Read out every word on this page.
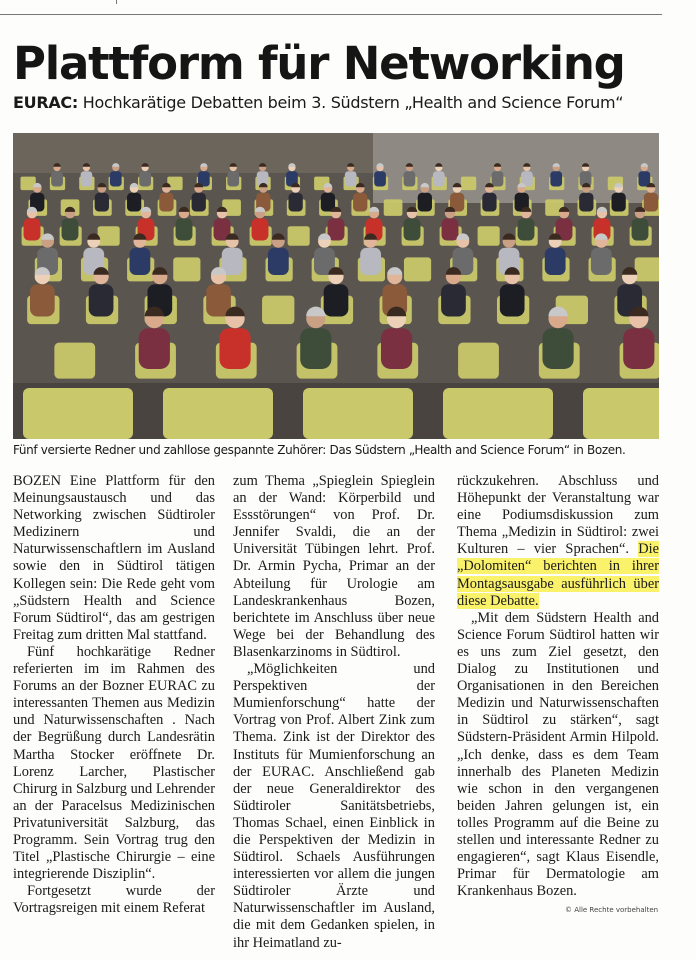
Plattform für Networking
EURAC: Hochkarätige Debatten beim 3. Südstern „Health and Science Forum“
Fünf versierte Redner und zahllose gespannte Zuhörer: Das Südstern „Health and Science Forum“ in Bozen.

BOZEN Eine Plattform für den Meinungsaustausch und das Networking zwischen Südtiroler Medizinern und Naturwissenschaftlern im Ausland sowie den in Südtirol tätigen Kollegen sein: Die Rede geht vom „Südstern Health and Science Forum Südtirol“, das am gestrigen Freitag zum dritten Mal stattfand.

Fünf hochkarätige Redner referierten im im Rahmen des Forums an der Bozner EURAC zu interessanten Themen aus Medizin und Naturwissenschaften . Nach der Begrüßung durch Landesrätin Martha Stocker eröffnete Dr. Lorenz Larcher, Plastischer Chirurg in Salzburg und Lehrender an der Paracelsus Medizinischen Privatuniversität Salzburg, das Programm. Sein Vortrag trug den Titel „Plastische Chirurgie – eine integrierende Disziplin“.

Fortgesetzt wurde der Vortragsreigen mit einem Referat

zum Thema „Spieglein Spieglein an der Wand: Körperbild und Essstörungen“ von Prof. Dr. Jennifer Svaldi, die an der Universität Tübingen lehrt. Prof. Dr. Armin Pycha, Primar an der Abteilung für Urologie am Landeskrankenhaus Bozen, berichtete im Anschluss über neue Wege bei der Behandlung des Blasenkarzinoms in Südtirol.

„Möglichkeiten und Perspektiven der Mumienforschung“ hatte der Vortrag von Prof. Albert Zink zum Thema. Zink ist der Direktor des Instituts für Mumienforschung an der EURAC. Anschließend gab der neue Generaldirektor des Südtiroler Sanitätsbetriebs, Thomas Schael, einen Einblick in die Perspektiven der Medizin in Südtirol. Schaels Ausführungen interessierten vor allem die jungen Südtiroler Ärzte und Naturwissenschaftler im Ausland, die mit dem Gedanken spielen, in ihr Heimatland zu-

rückzukehren. Abschluss und Höhepunkt der Veranstaltung war eine Podiumsdiskussion zum Thema „Medizin in Südtirol: zwei Kulturen – vier Sprachen“. Die „Dolomiten“ berichten in ihrer Montagsausgabe ausführlich über diese Debatte.

„Mit dem Südstern Health and Science Forum Südtirol hatten wir es uns zum Ziel gesetzt, den Dialog zu Institutionen und Organisationen in den Bereichen Medizin und Naturwissenschaften in Südtirol zu stärken“, sagt Südstern-Präsident Armin Hilpold. „Ich denke, dass es dem Team innerhalb des Planeten Medizin wie schon in den vergangenen beiden Jahren gelungen ist, ein tolles Programm auf die Beine zu stellen und interessante Redner zu engagieren“, sagt Klaus Eisendle, Primar für Dermatologie am Krankenhaus Bozen.

© Alle Rechte vorbehalten
